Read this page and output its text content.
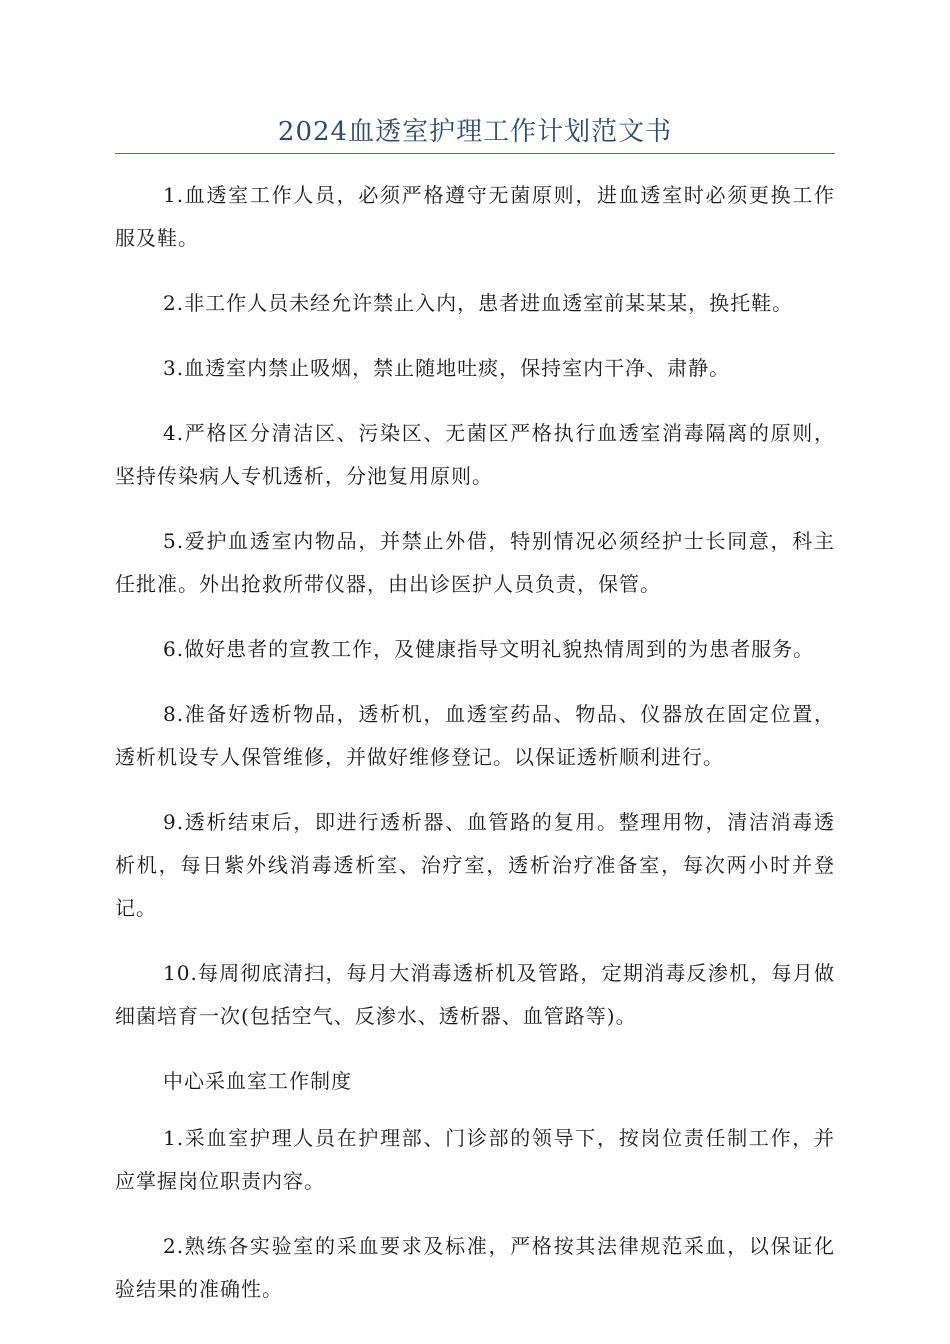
2024血透室护理工作计划范文书

1.血透室工作人员，必须严格遵守无菌原则，进血透室时必须更换工作服及鞋。

2.非工作人员未经允许禁止入内，患者进血透室前某某某，换托鞋。

3.血透室内禁止吸烟，禁止随地吐痰，保持室内干净、肃静。

4.严格区分清洁区、污染区、无菌区严格执行血透室消毒隔离的原则，坚持传染病人专机透析，分池复用原则。

5.爱护血透室内物品，并禁止外借，特别情况必须经护士长同意，科主任批准。外出抢救所带仪器，由出诊医护人员负责，保管。

6.做好患者的宣教工作，及健康指导文明礼貌热情周到的为患者服务。

8.准备好透析物品，透析机，血透室药品、物品、仪器放在固定位置，透析机设专人保管维修，并做好维修登记。以保证透析顺利进行。

9.透析结束后，即进行透析器、血管路的复用。整理用物，清洁消毒透析机，每日紫外线消毒透析室、治疗室，透析治疗准备室，每次两小时并登记。

10.每周彻底清扫，每月大消毒透析机及管路，定期消毒反渗机，每月做细菌培育一次(包括空气、反渗水、透析器、血管路等)。

中心采血室工作制度

1.采血室护理人员在护理部、门诊部的领导下，按岗位责任制工作，并应掌握岗位职责内容。

2.熟练各实验室的采血要求及标准，严格按其法律规范采血，以保证化验结果的准确性。
